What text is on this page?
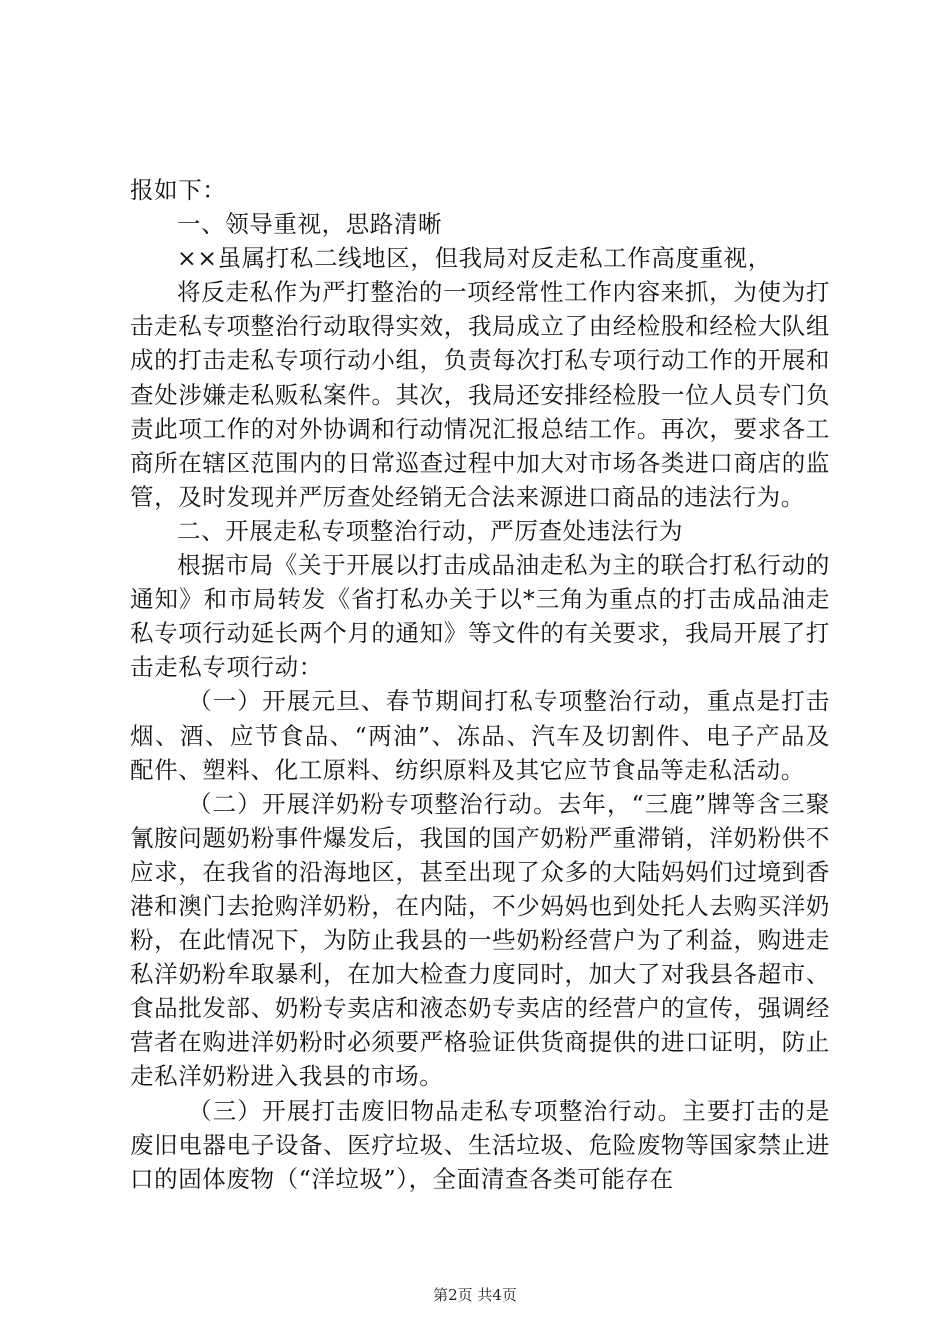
报如下：

一、领导重视，思路清晰

××虽属打私二线地区，但我局对反走私工作高度重视，

将反走私作为严打整治的一项经常性工作内容来抓，为使为打击走私专项整治行动取得实效，我局成立了由经检股和经检大队组成的打击走私专项行动小组，负责每次打私专项行动工作的开展和查处涉嫌走私贩私案件。其次，我局还安排经检股一位人员专门负责此项工作的对外协调和行动情况汇报总结工作。再次，要求各工商所在辖区范围内的日常巡查过程中加大对市场各类进口商店的监管，及时发现并严厉查处经销无合法来源进口商品的违法行为。

二、开展走私专项整治行动，严厉查处违法行为

根据市局《关于开展以打击成品油走私为主的联合打私行动的通知》和市局转发《省打私办关于以*三角为重点的打击成品油走私专项行动延长两个月的通知》等文件的有关要求，我局开展了打击走私专项行动：

（一）开展元旦、春节期间打私专项整治行动，重点是打击烟、酒、应节食品、“两油”、冻品、汽车及切割件、电子产品及配件、塑料、化工原料、纺织原料及其它应节食品等走私活动。

（二）开展洋奶粉专项整治行动。去年，“三鹿”牌等含三聚氰胺问题奶粉事件爆发后，我国的国产奶粉严重滞销，洋奶粉供不应求，在我省的沿海地区，甚至出现了众多的大陆妈妈们过境到香港和澳门去抢购洋奶粉，在内陆，不少妈妈也到处托人去购买洋奶粉，在此情况下，为防止我县的一些奶粉经营户为了利益，购进走私洋奶粉牟取暴利，在加大检查力度同时，加大了对我县各超市、食品批发部、奶粉专卖店和液态奶专卖店的经营户的宣传，强调经营者在购进洋奶粉时必须要严格验证供货商提供的进口证明，防止走私洋奶粉进入我县的市场。

（三）开展打击废旧物品走私专项整治行动。主要打击的是废旧电器电子设备、医疗垃圾、生活垃圾、危险废物等国家禁止进口的固体废物（“洋垃圾”），全面清查各类可能存在

第2页 共4页
